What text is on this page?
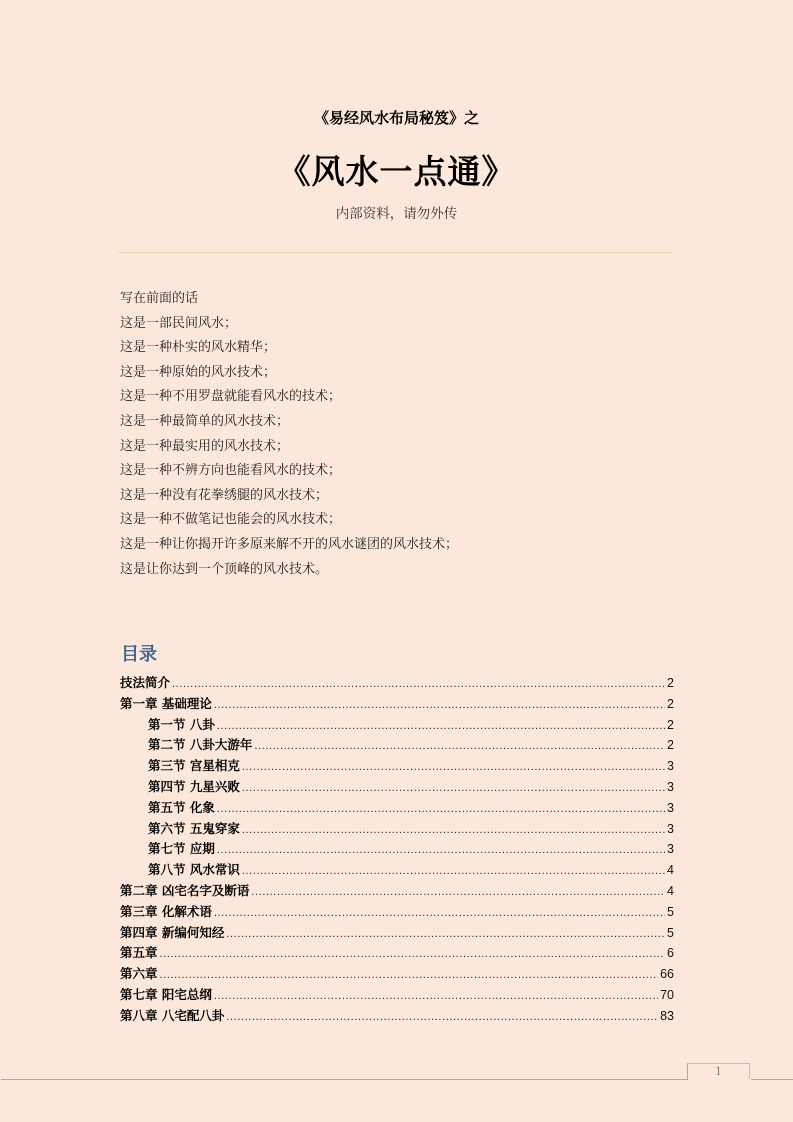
《易经风水布局秘笈》之
《风水一点通》
内部资料，请勿外传
写在前面的话
这是一部民间风水；
这是一种朴实的风水精华；
这是一种原始的风水技术；
这是一种不用罗盘就能看风水的技术；
这是一种最简单的风水技术；
这是一种最实用的风水技术；
这是一种不辨方向也能看风水的技术；
这是一种没有花拳绣腿的风水技术；
这是一种不做笔记也能会的风水技术；
这是一种让你揭开许多原来解不开的风水谜团的风水技术；
这是让你达到一个顶峰的风水技术。
目录
技法简介 .....	2
第一章 基础理论 .....	2
第一节 八卦 .....	2
第二节 八卦大游年 .....	2
第三节 宫星相克 .....	3
第四节 九星兴败 .....	3
第五节 化象 .....	3
第六节 五鬼穿家 .....	3
第七节 应期 .....	3
第八节 风水常识 .....	4
第二章 凶宅名字及断语 .....	4
第三章 化解术语 .....	5
第四章 新编何知经 .....	5
第五章 .....	6
第六章 .....	66
第七章 阳宅总纲 .....	70
第八章 八宅配八卦 .....	83
1
